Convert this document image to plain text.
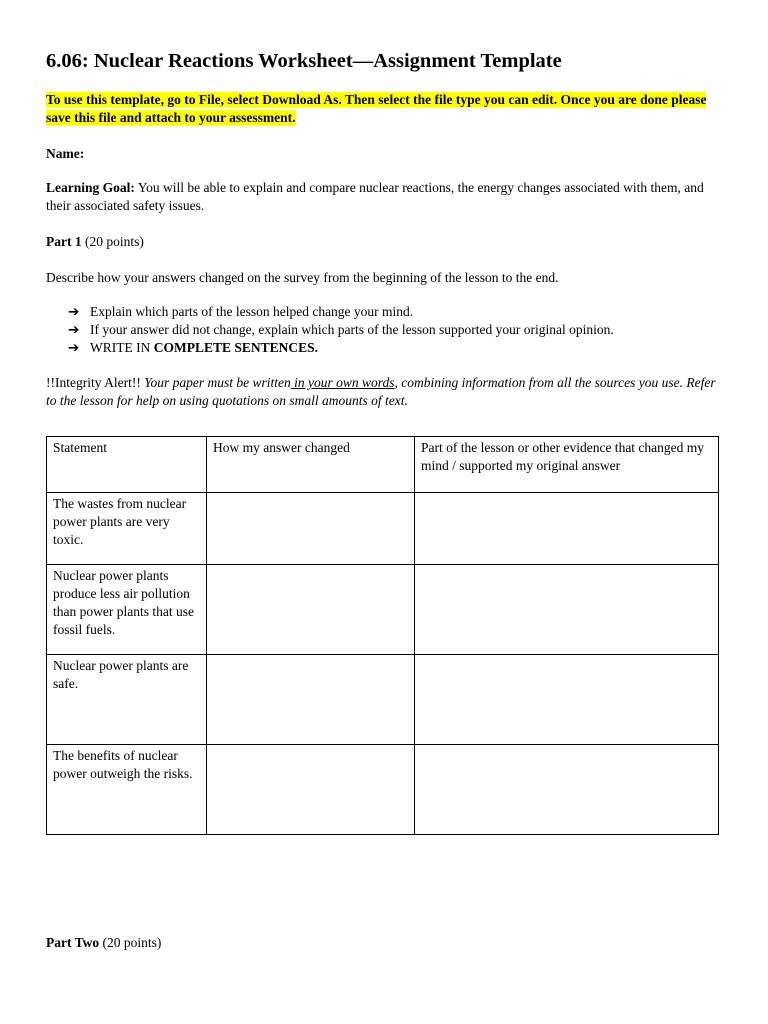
6.06: Nuclear Reactions Worksheet—Assignment Template
To use this template, go to File, select Download As. Then select the file type you can edit. Once you are done please save this file and attach to your assessment.
Name:
Learning Goal: You will be able to explain and compare nuclear reactions, the energy changes associated with them, and their associated safety issues.
Part 1 (20 points)
Describe how your answers changed on the survey from the beginning of the lesson to the end.
➔ Explain which parts of the lesson helped change your mind.
➔ If your answer did not change, explain which parts of the lesson supported your original opinion.
➔ WRITE IN COMPLETE SENTENCES.
!!Integrity Alert!! Your paper must be written in your own words, combining information from all the sources you use. Refer to the lesson for help on using quotations on small amounts of text.
Statement	How my answer changed	Part of the lesson or other evidence that changed my mind / supported my original answer
The wastes from nuclear power plants are very toxic.		
Nuclear power plants produce less air pollution than power plants that use fossil fuels.		
Nuclear power plants are safe.		
The benefits of nuclear power outweigh the risks.		
Part Two (20 points)
